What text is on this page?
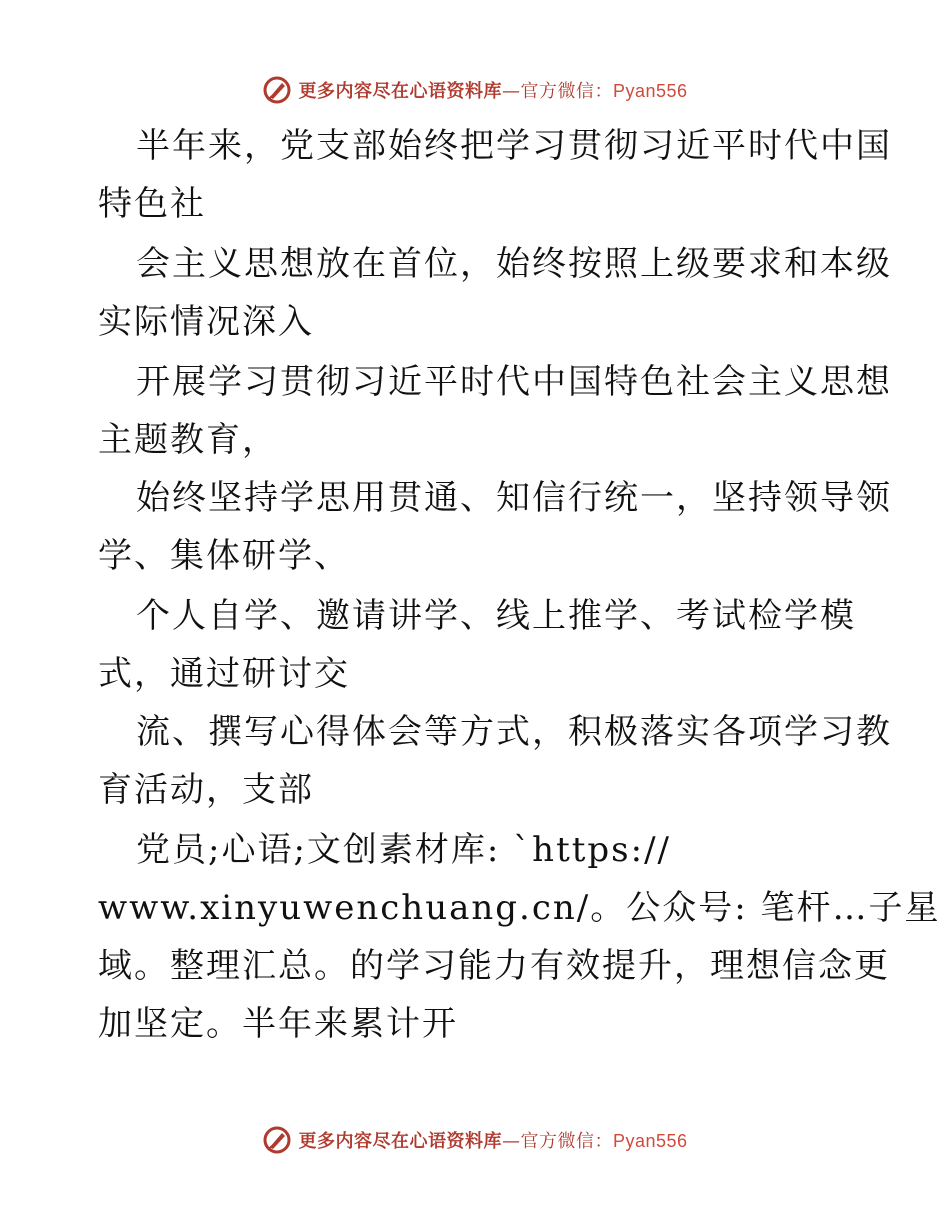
更多内容尽在心语资料库—官方微信：Pyan556
半年来，党支部始终把学习贯彻习近平时代中国
特色社
会主义思想放在首位，始终按照上级要求和本级
实际情况深入
开展学习贯彻习近平时代中国特色社会主义思想
主题教育，
始终坚持学思用贯通、知信行统一，坚持领导领
学、集体研学、
个人自学、邀请讲学、线上推学、考试检学模
式，通过研讨交
流、撰写心得体会等方式，积极落实各项学习教
育活动，支部
党员;心语;文创素材库: `https://
www.xinyuwenchuang.cn/。公众号: 笔杆…子星
域。整理汇总。的学习能力有效提升，理想信念更
加坚定。半年来累计开
更多内容尽在心语资料库—官方微信：Pyan556
